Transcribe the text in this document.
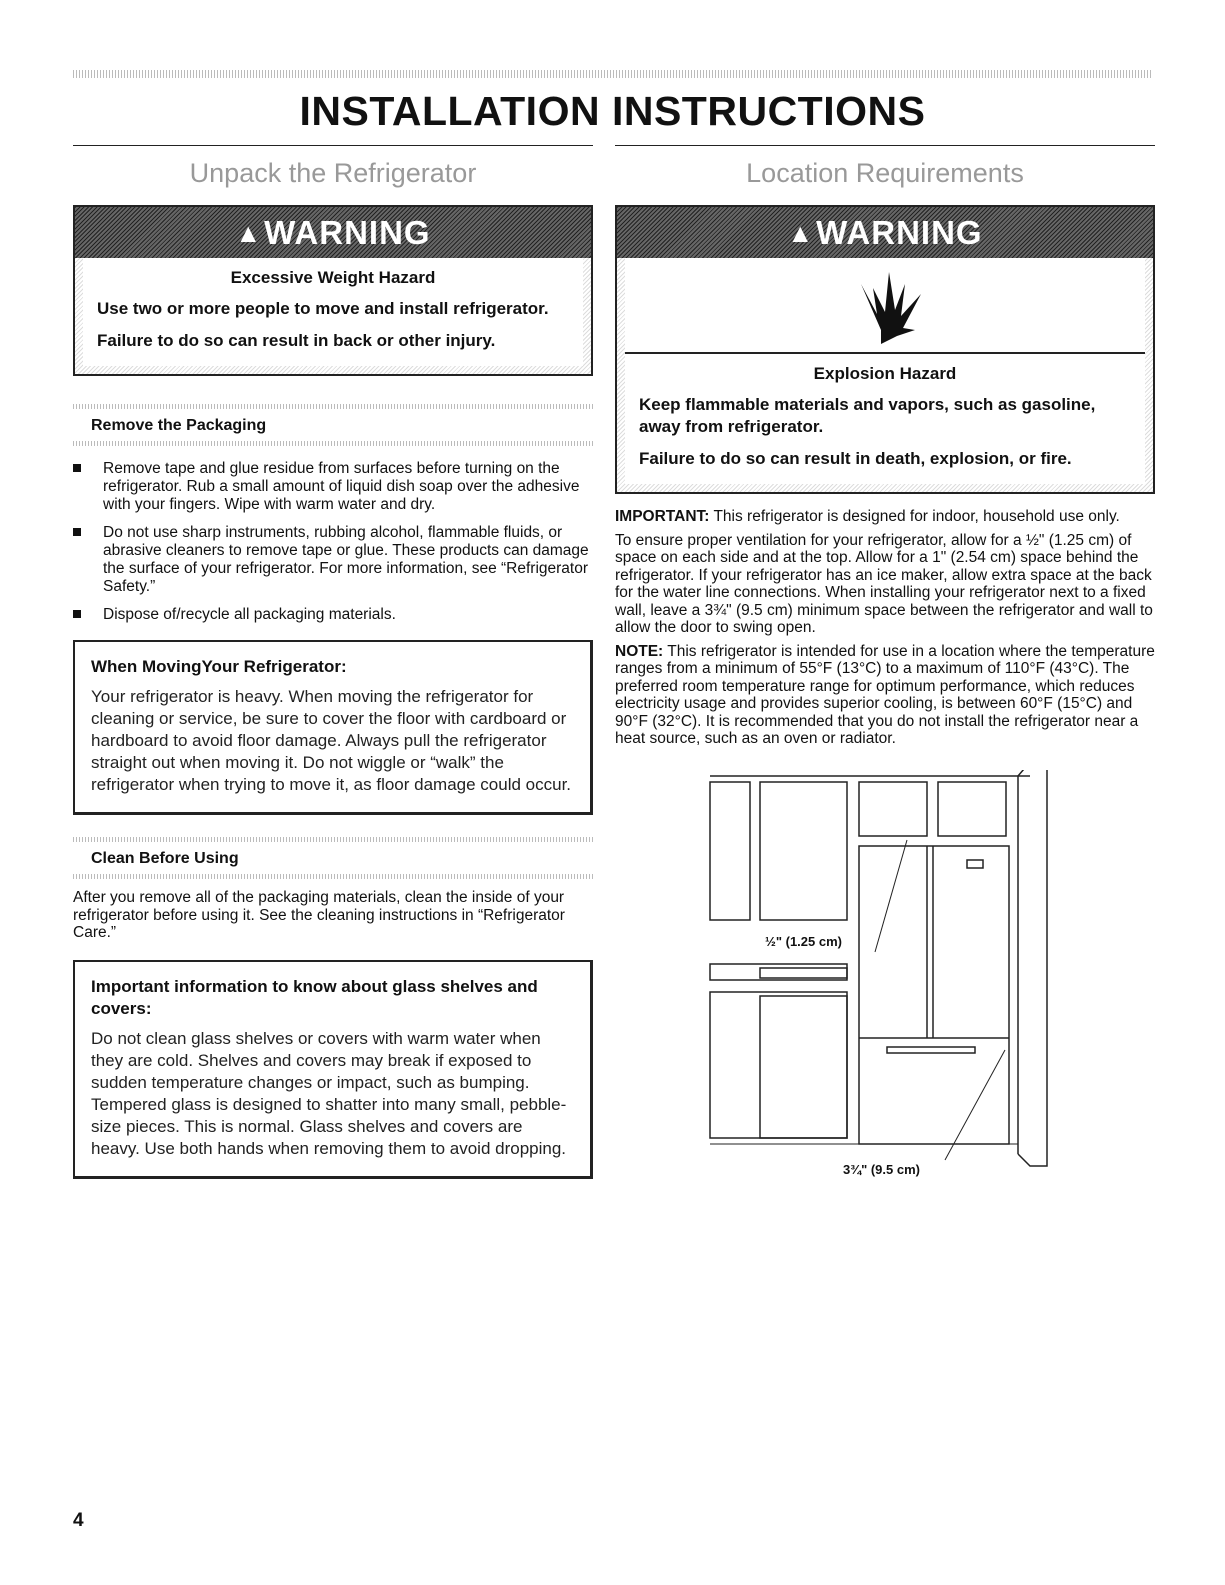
INSTALLATION INSTRUCTIONS
Unpack the Refrigerator
▲WARNING
Excessive Weight Hazard

Use two or more people to move and install refrigerator.

Failure to do so can result in back or other injury.

Remove the Packaging
Remove tape and glue residue from surfaces before turning on the refrigerator. Rub a small amount of liquid dish soap over the adhesive with your fingers. Wipe with warm water and dry.
Do not use sharp instruments, rubbing alcohol, flammable fluids, or abrasive cleaners to remove tape or glue. These products can damage the surface of your refrigerator. For more information, see “Refrigerator Safety.”
Dispose of/recycle all packaging materials.
When MovingYour Refrigerator:
Your refrigerator is heavy. When moving the refrigerator for cleaning or service, be sure to cover the floor with cardboard or hardboard to avoid floor damage. Always pull the refrigerator straight out when moving it. Do not wiggle or “walk” the refrigerator when trying to move it, as floor damage could occur.
Clean Before Using

After you remove all of the packaging materials, clean the inside of your refrigerator before using it. See the cleaning instructions in “Refrigerator Care.”

Important information to know about glass shelves and covers:
Do not clean glass shelves or covers with warm water when they are cold. Shelves and covers may break if exposed to sudden temperature changes or impact, such as bumping. Tempered glass is designed to shatter into many small, pebble-size pieces. This is normal. Glass shelves and covers are heavy. Use both hands when removing them to avoid dropping.
Location Requirements
▲WARNING
Explosion Hazard

Keep flammable materials and vapors, such as gasoline, away from refrigerator.

Failure to do so can result in death, explosion, or fire.

IMPORTANT: This refrigerator is designed for indoor, household use only.

To ensure proper ventilation for your refrigerator, allow for a ½" (1.25 cm) of space on each side and at the top. Allow for a 1" (2.54 cm) space behind the refrigerator. If your refrigerator has an ice maker, allow extra space at the back for the water line connections. When installing your refrigerator next to a fixed wall, leave a 3¾" (9.5 cm) minimum space between the refrigerator and wall to allow the door to swing open.

NOTE: This refrigerator is intended for use in a location where the temperature ranges from a minimum of 55°F (13°C) to a maximum of 110°F (43°C). The preferred room temperature range for optimum performance, which reduces electricity usage and provides superior cooling, is between 60°F (15°C) and 90°F (32°C). It is recommended that you do not install the refrigerator near a heat source, such as an oven or radiator.

½" (1.25 cm)
3¾" (9.5 cm)
4
